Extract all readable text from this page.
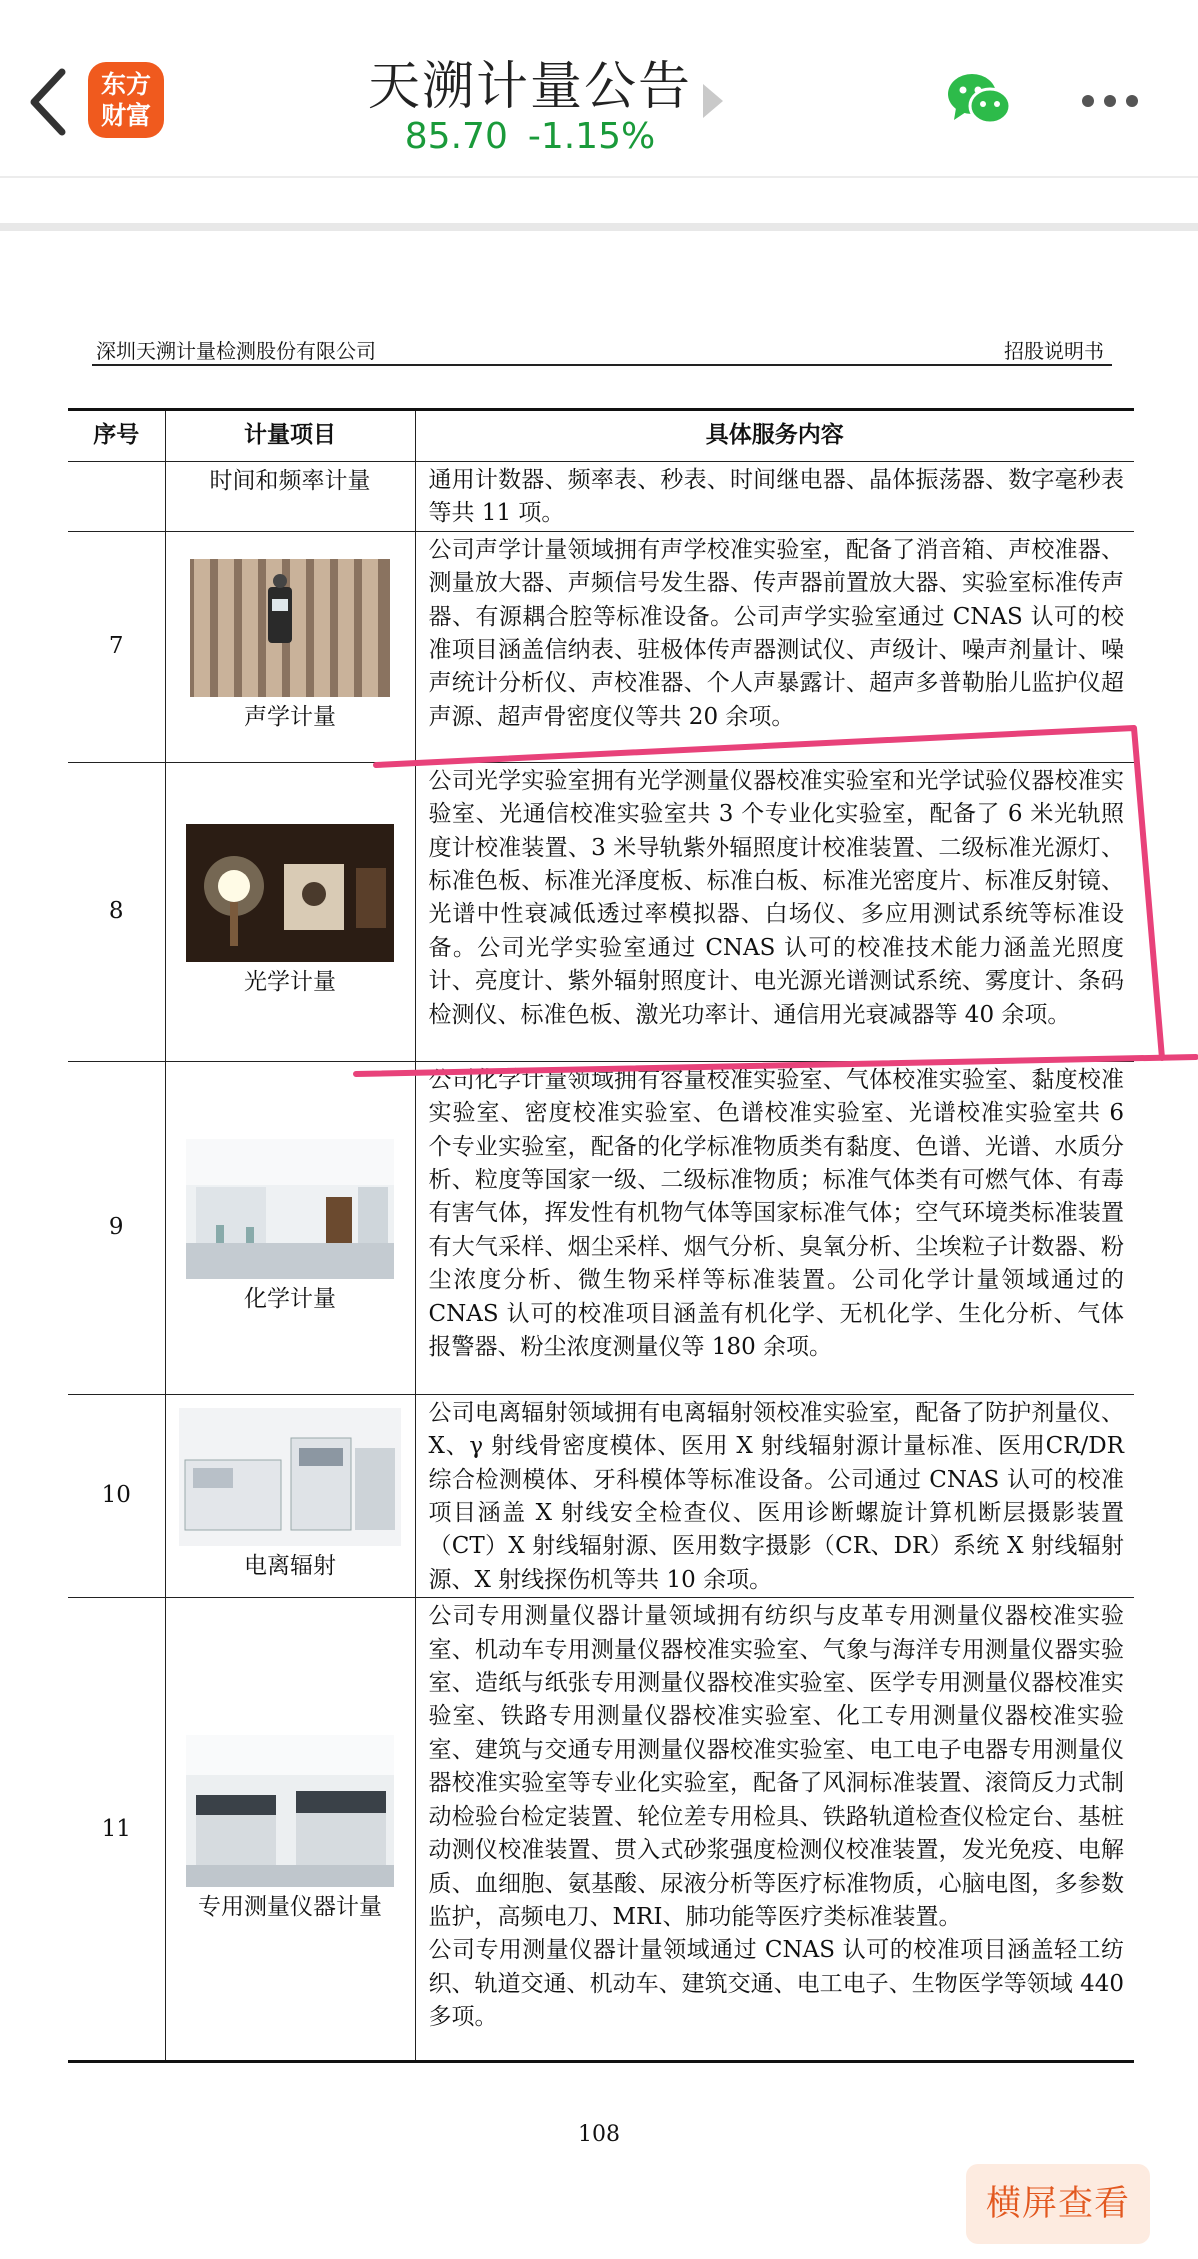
东方
财富	天溯计量公告
85.70 -1.15%
深圳天溯计量检测股份有限公司	招股说明书
序号	计量项目	具体服务内容
	时间和频率计量	通用计数器、频率表、秒表、时间继电器、晶体振荡器、数字毫秒表等共 11 项。
7	声学计量	公司声学计量领域拥有声学校准实验室，配备了消音箱、声校准器、测量放大器、声频信号发生器、传声器前置放大器、实验室标准传声器、有源耦合腔等标准设备。公司声学实验室通过 CNAS 认可的校准项目涵盖信纳表、驻极体传声器测试仪、声级计、噪声剂量计、噪声统计分析仪、声校准器、个人声暴露计、超声多普勒胎儿监护仪超声源、超声骨密度仪等共 20 余项。
8	光学计量	公司光学实验室拥有光学测量仪器校准实验室和光学试验仪器校准实验室、光通信校准实验室共 3 个专业化实验室，配备了 6 米光轨照度计校准装置、3 米导轨紫外辐照度计校准装置、二级标准光源灯、标准色板、标准光泽度板、标准白板、标准光密度片、标准反射镜、光谱中性衰减低透过率模拟器、白场仪、多应用测试系统等标准设备。公司光学实验室通过 CNAS 认可的校准技术能力涵盖光照度计、亮度计、紫外辐射照度计、电光源光谱测试系统、雾度计、条码检测仪、标准色板、激光功率计、通信用光衰减器等 40 余项。
9	化学计量	公司化学计量领域拥有容量校准实验室、气体校准实验室、黏度校准实验室、密度校准实验室、色谱校准实验室、光谱校准实验室共 6 个专业实验室，配备的化学标准物质类有黏度、色谱、光谱、水质分析、粒度等国家一级、二级标准物质；标准气体类有可燃气体、有毒有害气体，挥发性有机物气体等国家标准气体；空气环境类标准装置有大气采样、烟尘采样、烟气分析、臭氧分析、尘埃粒子计数器、粉尘浓度分析、微生物采样等标准装置。公司化学计量领域通过的 CNAS 认可的校准项目涵盖有机化学、无机化学、生化分析、气体报警器、粉尘浓度测量仪等 180 余项。
10	电离辐射	公司电离辐射领域拥有电离辐射领校准实验室，配备了防护剂量仪、X、γ 射线骨密度模体、医用 X 射线辐射源计量标准、医用CR/DR 综合检测模体、牙科模体等标准设备。公司通过 CNAS 认可的校准项目涵盖 X 射线安全检查仪、医用诊断螺旋计算机断层摄影装置（CT）X 射线辐射源、医用数字摄影（CR、DR）系统 X 射线辐射源、X 射线探伤机等共 10 余项。
11	专用测量仪器计量	公司专用测量仪器计量领域拥有纺织与皮革专用测量仪器校准实验室、机动车专用测量仪器校准实验室、气象与海洋专用测量仪器实验室、造纸与纸张专用测量仪器校准实验室、医学专用测量仪器校准实验室、铁路专用测量仪器校准实验室、化工专用测量仪器校准实验室、建筑与交通专用测量仪器校准实验室、电工电子电器专用测量仪器校准实验室等专业化实验室，配备了风洞标准装置、滚筒反力式制动检验台检定装置、轮位差专用检具、铁路轨道检查仪检定台、基桩动测仪校准装置、贯入式砂浆强度检测仪校准装置，发光免疫、电解质、血细胞、氨基酸、尿液分析等医疗标准物质，心脑电图，多参数监护，高频电刀、MRI、肺功能等医疗类标准装置。
公司专用测量仪器计量领域通过 CNAS 认可的校准项目涵盖轻工纺织、轨道交通、机动车、建筑交通、电工电子、生物医学等领域 440 多项。
108
横屏查看
